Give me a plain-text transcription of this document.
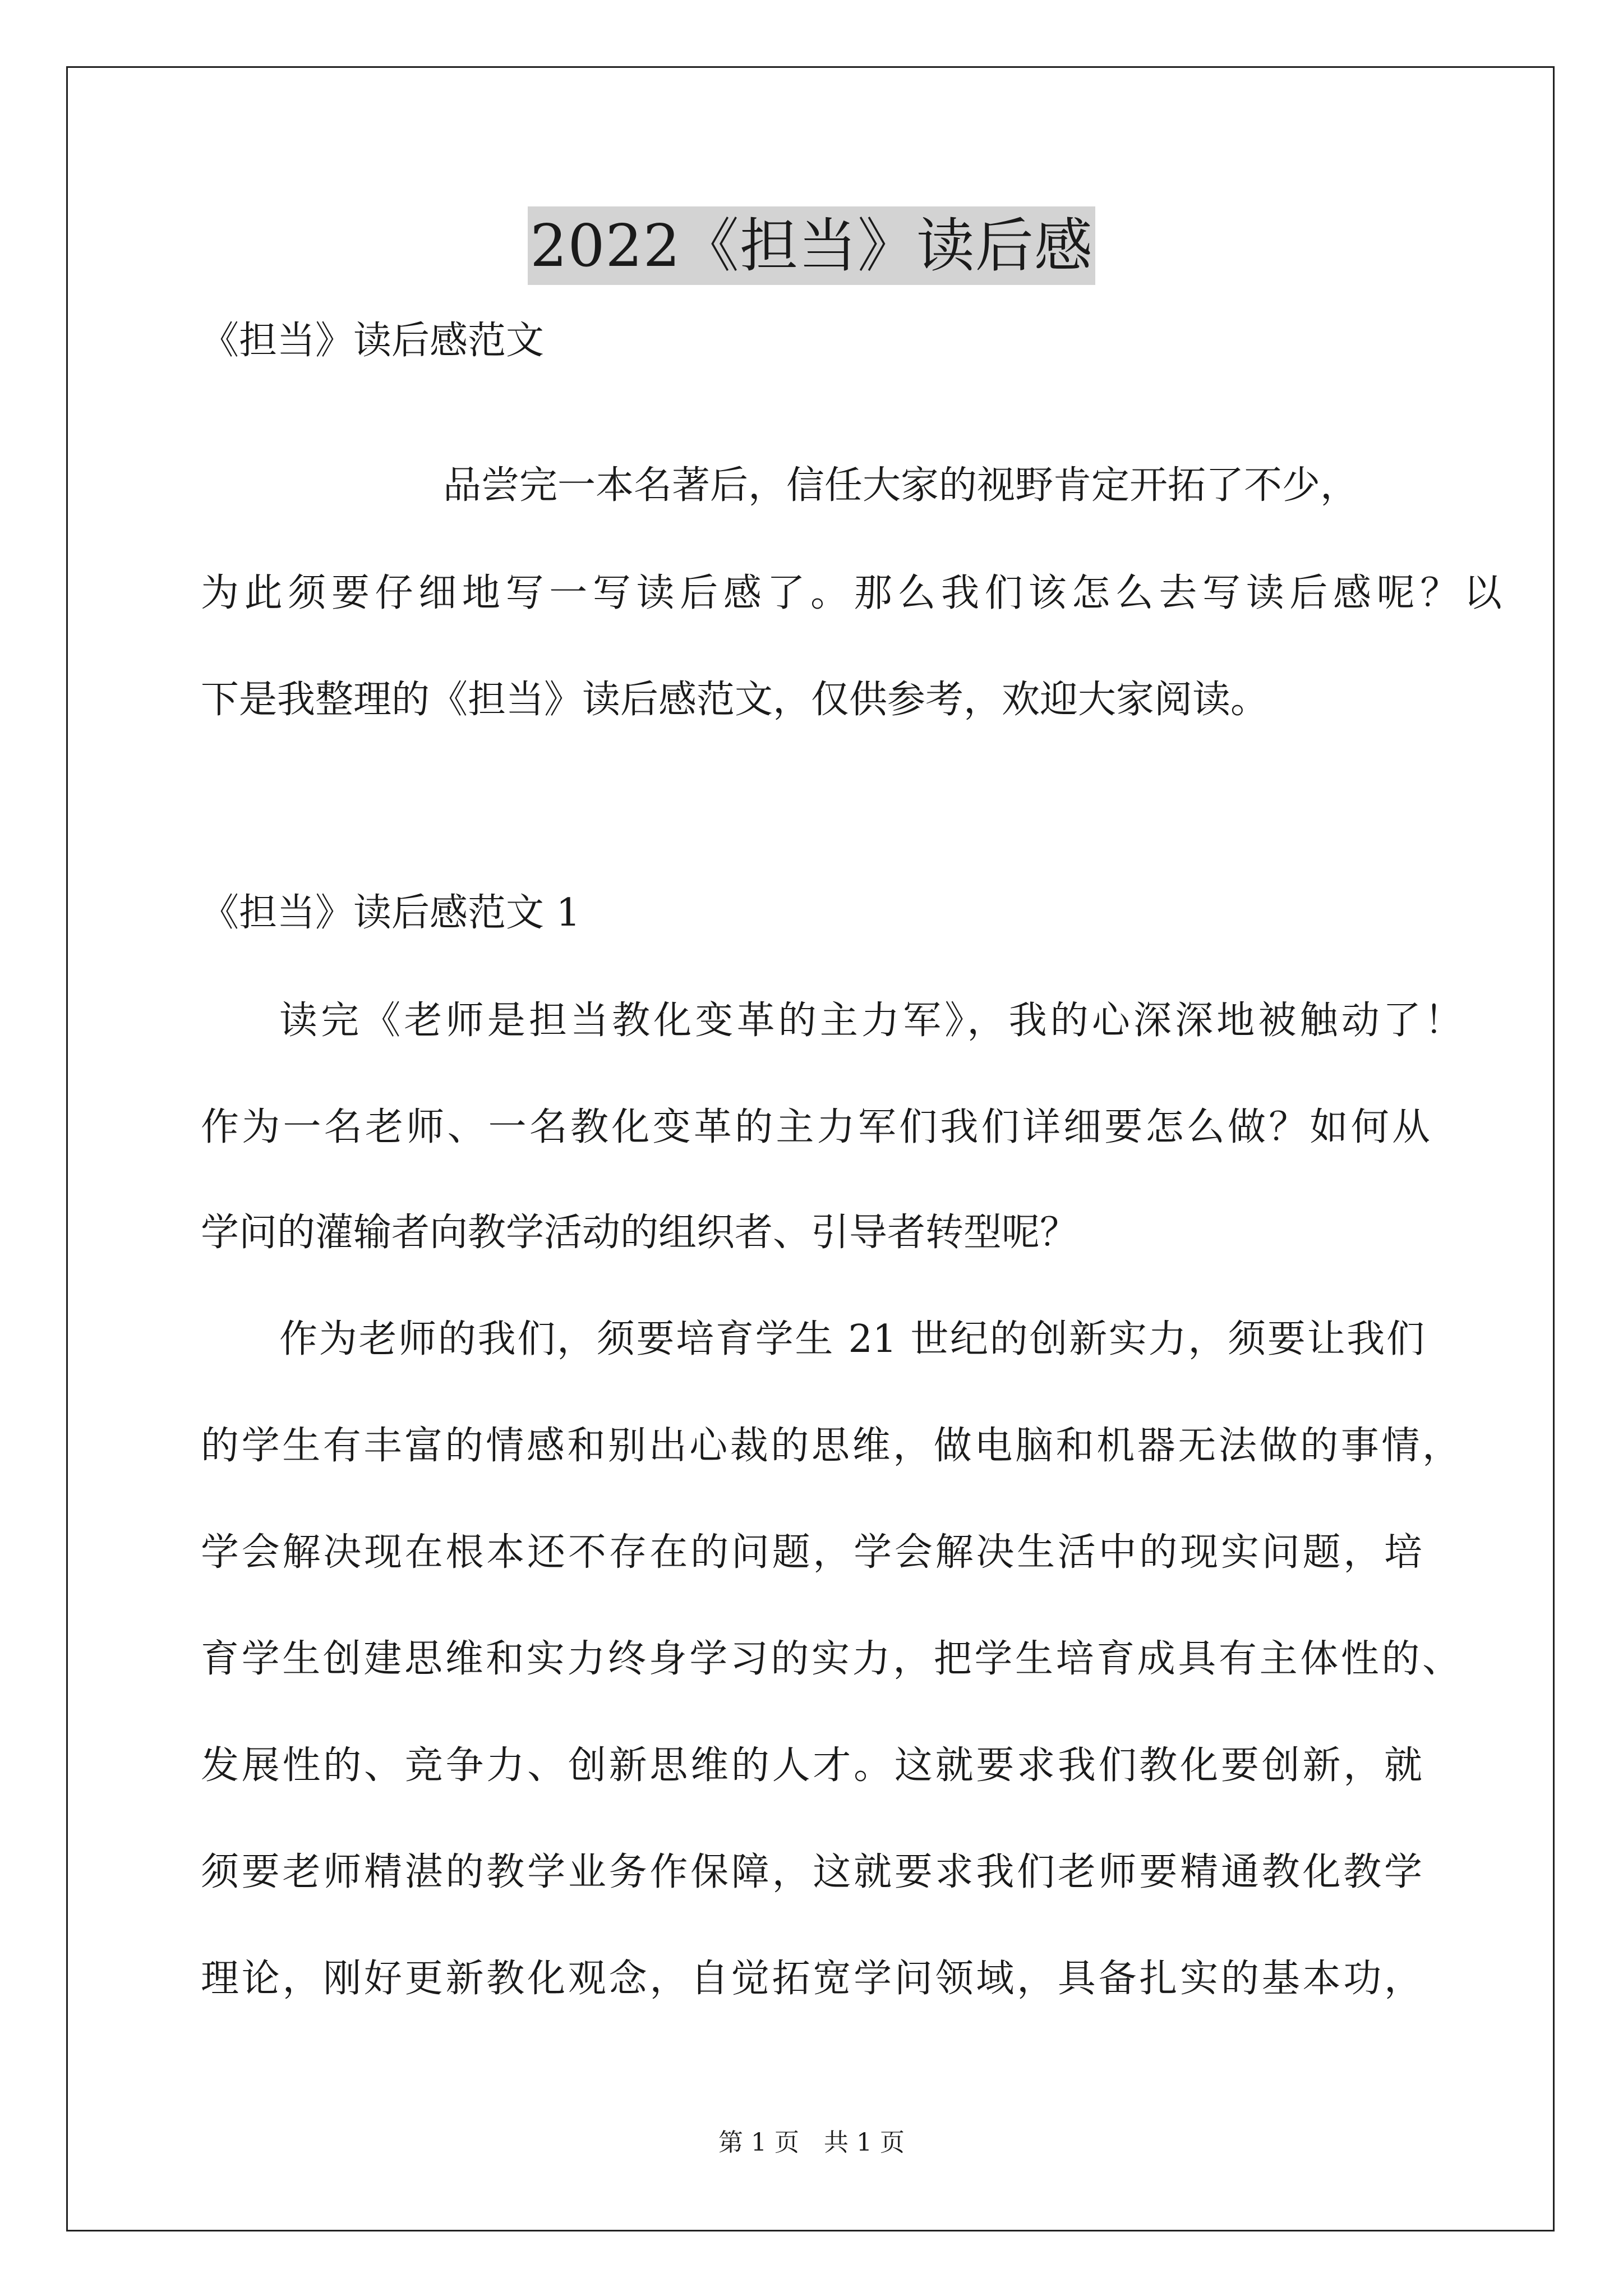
2022《担当》读后感
《担当》读后感范文
品尝完一本名著后，信任大家的视野肯定开拓了不少，
为此须要仔细地写一写读后感了。那么我们该怎么去写读后感呢？以
下是我整理的《担当》读后感范文，仅供参考，欢迎大家阅读。
《担当》读后感范文 1
读完《老师是担当教化变革的主力军》，我的心深深地被触动了！
作为一名老师、一名教化变革的主力军们我们详细要怎么做？如何从
学问的灌输者向教学活动的组织者、引导者转型呢？
作为老师的我们，须要培育学生 21 世纪的创新实力，须要让我们
的学生有丰富的情感和别出心裁的思维，做电脑和机器无法做的事情，
学会解决现在根本还不存在的问题，学会解决生活中的现实问题，培
育学生创建思维和实力终身学习的实力，把学生培育成具有主体性的、
发展性的、竞争力、创新思维的人才。这就要求我们教化要创新，就
须要老师精湛的教学业务作保障，这就要求我们老师要精通教化教学
理论，刚好更新教化观念，自觉拓宽学问领域，具备扎实的基本功，
第 1 页　共 1 页
